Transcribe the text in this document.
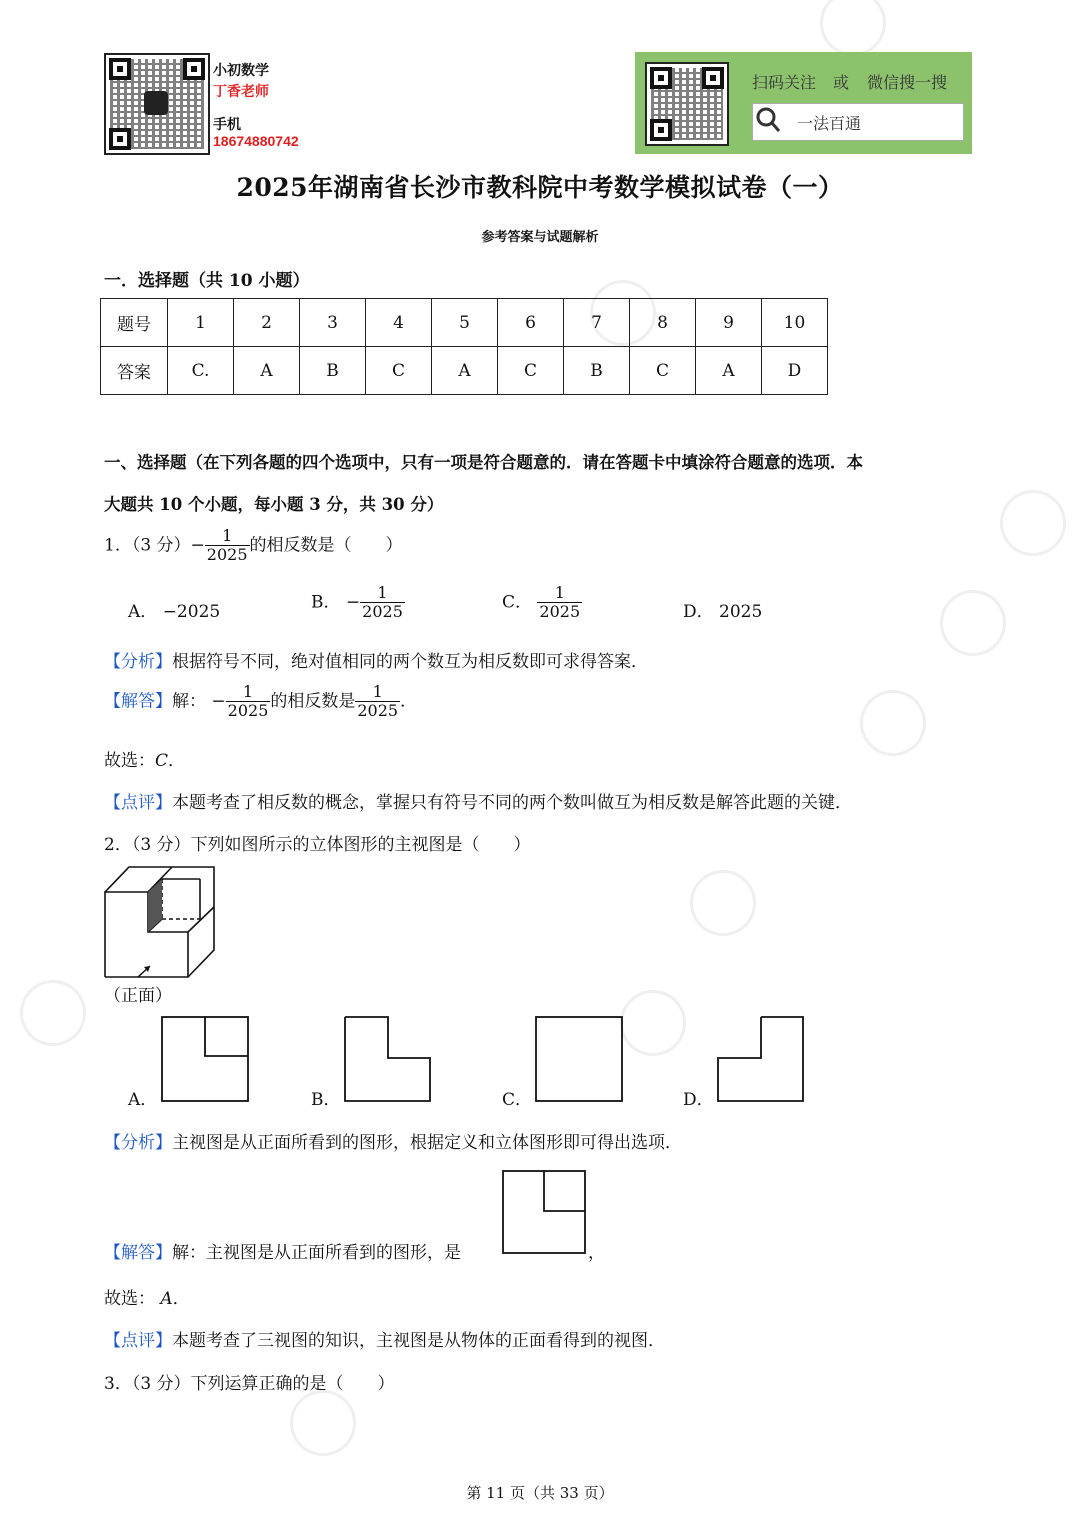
小初数学
丁香老师
手机
18674880742
扫码关注 或 微信搜一搜
一法百通
2025年湖南省长沙市教科院中考数学模拟试卷（一）
参考答案与试题解析
一．选择题（共 10 小题）
题号	1	2	3	4	5	6	7	8	9	10
答案	C.	A	B	C	A	C	B	C	A	D
一、选择题（在下列各题的四个选项中，只有一项是符合题意的．请在答题卡中填涂符合题意的选项．本
大题共 10 个小题，每小题 3 分，共 30 分）
1．（3 分）− $\frac{1}{2025}$ 的相反数是（　　）
A． −2025	B． − $\frac{1}{2025}$	C． $\frac{1}{2025}$	D． 2025
【分析】根据符号不同，绝对值相同的两个数互为相反数即可求得答案．
【解答】解： − $\frac{1}{2025}$ 的相反数是 $\frac{1}{2025}$ ．
故选：C．
【点评】本题考查了相反数的概念，掌握只有符号不同的两个数叫做互为相反数是解答此题的关键．
2．（3 分）下列如图所示的立体图形的主视图是（　　）
（正面）
A．	B．	C．	D．
【分析】主视图是从正面所看到的图形，根据定义和立体图形即可得出选项．
【解答】解：主视图是从正面所看到的图形，是	，
故选： A．
【点评】本题考查了三视图的知识，主视图是从物体的正面看得到的视图．
3．（3 分）下列运算正确的是（　　）
第 11 页（共 33 页）
